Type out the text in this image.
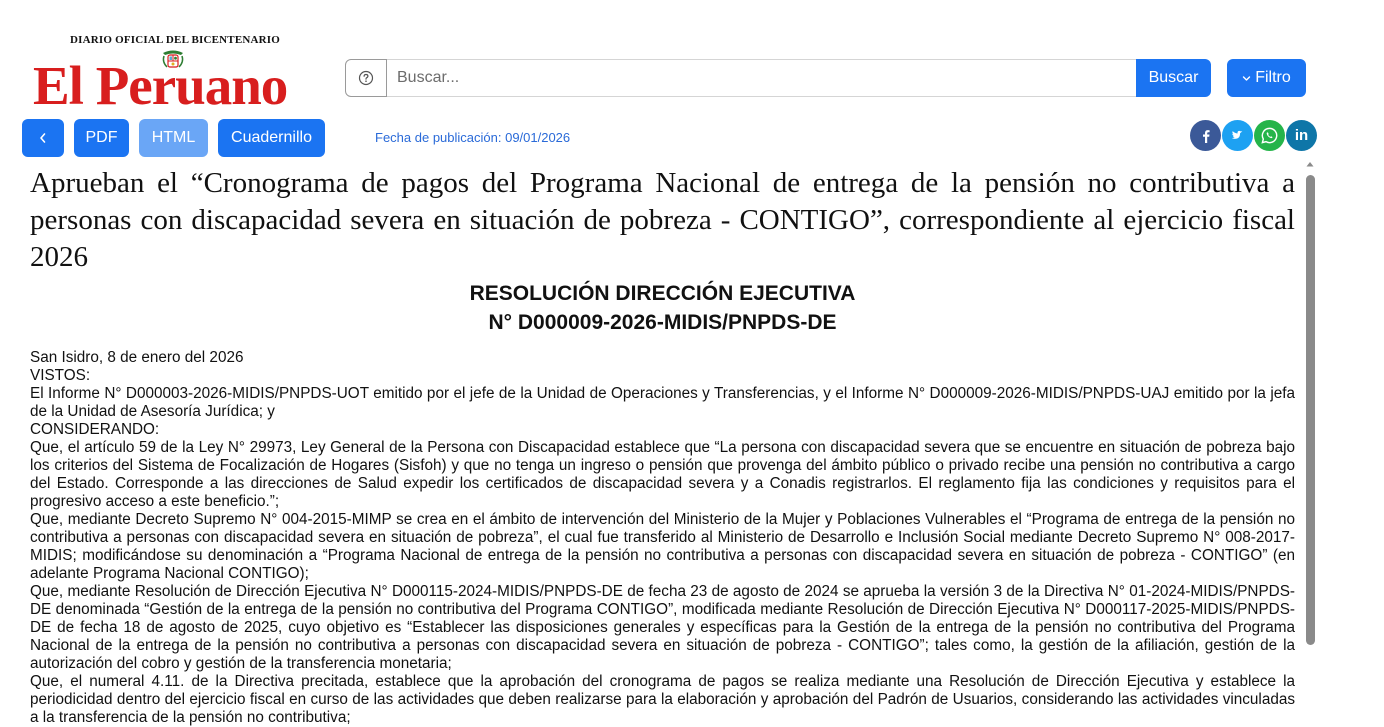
DIARIO OFICIAL DEL BICENTENARIO
El Peruano
Buscar...	Buscar	Filtro
PDF	HTML	Cuadernillo	Fecha de publicación: 09/01/2026	in
Aprueban el “Cronograma de pagos del Programa Nacional de entrega de la pensión no contributiva a personas con discapacidad severa en situación de pobreza - CONTIGO”, correspondiente al ejercicio fiscal 2026
RESOLUCIÓN DIRECCIÓN EJECUTIVA
N° D000009-2026-MIDIS/PNPDS-DE

San Isidro, 8 de enero del 2026

VISTOS:

El Informe N° D000003-2026-MIDIS/PNPDS-UOT emitido por el jefe de la Unidad de Operaciones y Transferencias, y el Informe N° D000009-2026-MIDIS/PNPDS-UAJ emitido por la jefa de la Unidad de Asesoría Jurídica; y

CONSIDERANDO:

Que, el artículo 59 de la Ley N° 29973, Ley General de la Persona con Discapacidad establece que “La persona con discapacidad severa que se encuentre en situación de pobreza bajo los criterios del Sistema de Focalización de Hogares (Sisfoh) y que no tenga un ingreso o pensión que provenga del ámbito público o privado recibe una pensión no contributiva a cargo del Estado. Corresponde a las direcciones de Salud expedir los certificados de discapacidad severa y a Conadis registrarlos. El reglamento fija las condiciones y requisitos para el progresivo acceso a este beneficio.”;

Que, mediante Decreto Supremo N° 004-2015-MIMP se crea en el ámbito de intervención del Ministerio de la Mujer y Poblaciones Vulnerables el “Programa de entrega de la pensión no contributiva a personas con discapacidad severa en situación de pobreza”, el cual fue transferido al Ministerio de Desarrollo e Inclusión Social mediante Decreto Supremo N° 008-2017-MIDIS; modificándose su denominación a “Programa Nacional de entrega de la pensión no contributiva a personas con discapacidad severa en situación de pobreza - CONTIGO” (en adelante Programa Nacional CONTIGO);

Que, mediante Resolución de Dirección Ejecutiva N° D000115-2024-MIDIS/PNPDS-DE de fecha 23 de agosto de 2024 se aprueba la versión 3 de la Directiva N° 01-2024-MIDIS/PNPDS-DE denominada “Gestión de la entrega de la pensión no contributiva del Programa CONTIGO”, modificada mediante Resolución de Dirección Ejecutiva N° D000117-2025-MIDIS/PNPDS-DE de fecha 18 de agosto de 2025, cuyo objetivo es “Establecer las disposiciones generales y específicas para la Gestión de la entrega de la pensión no contributiva del Programa Nacional de la entrega de la pensión no contributiva a personas con discapacidad severa en situación de pobreza - CONTIGO”; tales como, la gestión de la afiliación, gestión de la autorización del cobro y gestión de la transferencia monetaria;

Que, el numeral 4.11. de la Directiva precitada, establece que la aprobación del cronograma de pagos se realiza mediante una Resolución de Dirección Ejecutiva y establece la periodicidad dentro del ejercicio fiscal en curso de las actividades que deben realizarse para la elaboración y aprobación del Padrón de Usuarios, considerando las actividades vinculadas a la transferencia de la pensión no contributiva;
